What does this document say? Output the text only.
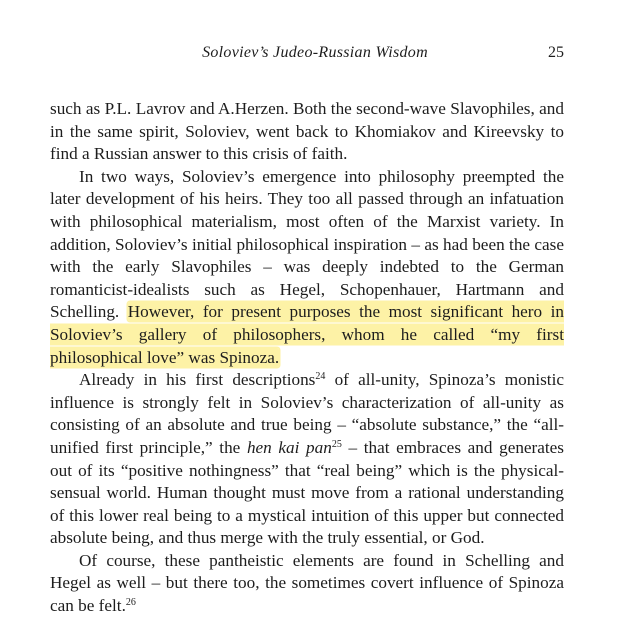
Soloviev’s Judeo-Russian Wisdom	25

such as P.L. Lavrov and A.Herzen. Both the second-wave Slavophiles, and in the same spirit, Soloviev, went back to Khomiakov and Kireevsky to find a Russian answer to this crisis of faith.

In two ways, Soloviev’s emergence into philosophy preempted the later development of his heirs. They too all passed through an infatuation with philosophical materialism, most often of the Marxist variety. In addition, Soloviev’s initial philosophical inspiration – as had been the case with the early Slavophiles – was deeply indebted to the German romanticist-idealists such as Hegel, Schopenhauer, Hartmann and Schelling. However, for present purposes the most significant hero in Soloviev’s gallery of philosophers, whom he called “my first philosophical love” was Spinoza.

Already in his first descriptions$^{24}$ of all-unity, Spinoza’s monistic influence is strongly felt in Soloviev’s characterization of all-unity as consisting of an absolute and true being – “absolute substance,” the “all-unified first principle,” the hen kai pan$^{25}$ – that embraces and generates out of its “positive nothingness” that “real being” which is the physical-sensual world. Human thought must move from a rational understanding of this lower real being to a mystical intuition of this upper but connected absolute being, and thus merge with the truly essential, or God.

Of course, these pantheistic elements are found in Schelling and Hegel as well – but there too, the sometimes covert influence of Spinoza can be felt.$^{26}$
